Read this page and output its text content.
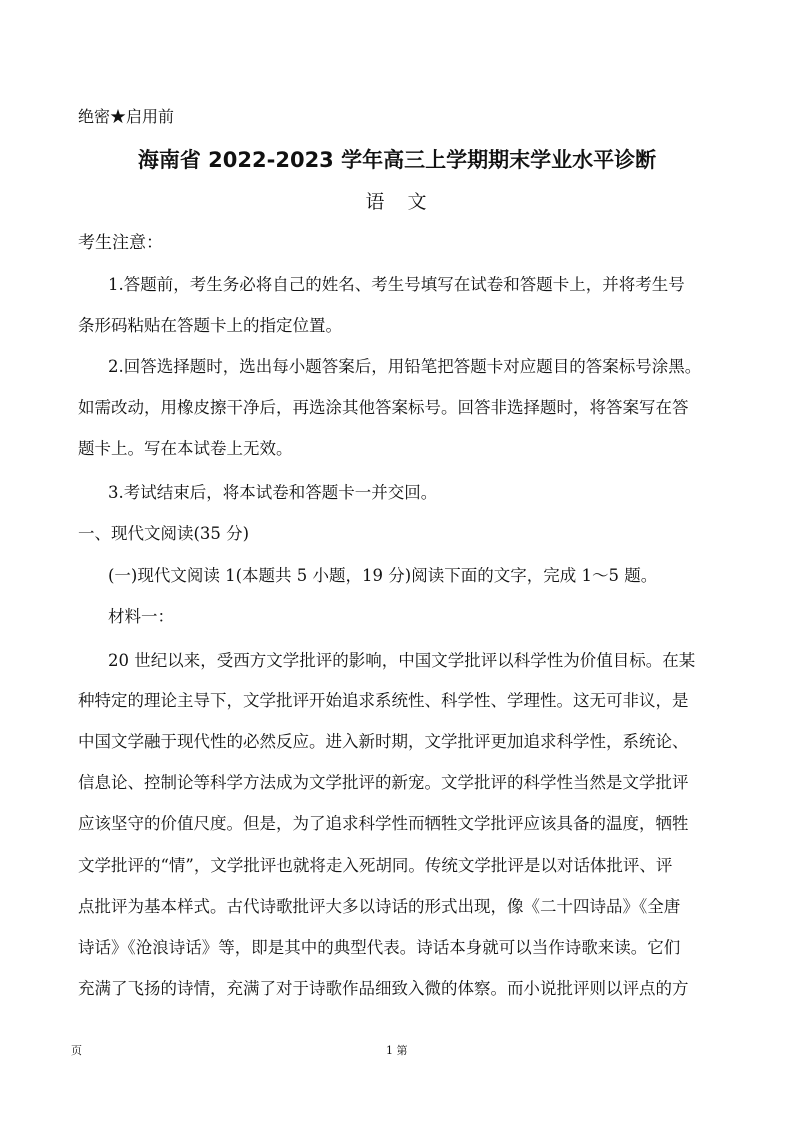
绝密★启用前
海南省 2022-2023 学年高三上学期期末学业水平诊断
语　文
考生注意：
1.答题前，考生务必将自己的姓名、考生号填写在试卷和答题卡上，并将考生号
条形码粘贴在答题卡上的指定位置。
2.回答选择题时，选出每小题答案后，用铅笔把答题卡对应题目的答案标号涂黑。
如需改动，用橡皮擦干净后，再选涂其他答案标号。回答非选择题时，将答案写在答
题卡上。写在本试卷上无效。
3.考试结束后，将本试卷和答题卡一并交回。
一、现代文阅读(35 分)
(一)现代文阅读 1(本题共 5 小题，19 分)阅读下面的文字，完成 1～5 题。
材料一：
20 世纪以来，受西方文学批评的影响，中国文学批评以科学性为价值目标。在某
种特定的理论主导下，文学批评开始追求系统性、科学性、学理性。这无可非议，是
中国文学融于现代性的必然反应。进入新时期，文学批评更加追求科学性，系统论、
信息论、控制论等科学方法成为文学批评的新宠。文学批评的科学性当然是文学批评
应该坚守的价值尺度。但是，为了追求科学性而牺牲文学批评应该具备的温度，牺牲
文学批评的“情”，文学批评也就将走入死胡同。传统文学批评是以对话体批评、评
点批评为基本样式。古代诗歌批评大多以诗话的形式出现，像《二十四诗品》《全唐
诗话》《沧浪诗话》等，即是其中的典型代表。诗话本身就可以当作诗歌来读。它们
充满了飞扬的诗情，充满了对于诗歌作品细致入微的体察。而小说批评则以评点的方
页	1 第
